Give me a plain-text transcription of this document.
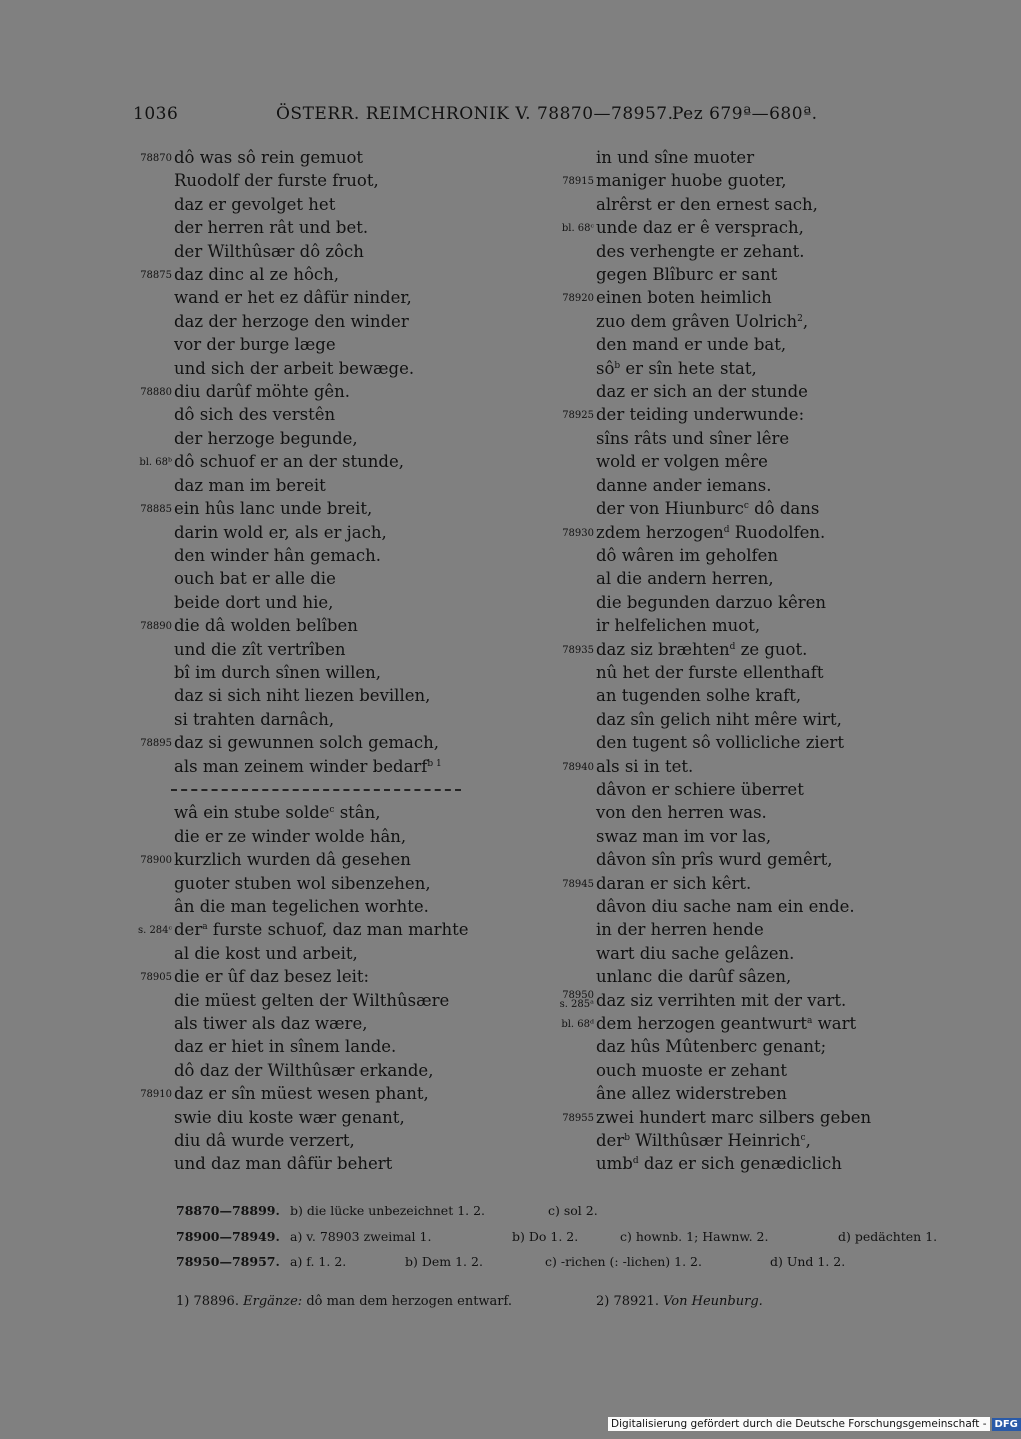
1036	ÖSTERR. REIMCHRONIK V. 78870—78957.
Pez 679ª—680ª.
78870 dô was sô rein gemuot
Ruodolf der furste fruot,
daz er gevolget het
der herren rât und bet.
der Wilthûsær dô zôch
78875 daz dinc al ze hôch,
wand er het ez dâfür ninder,
daz der herzoge den winder
vor der burge læge
und sich der arbeit bewæge.
78880 diu darûf möhte gên.
dô sich des verstên
der herzoge begunde,
bl. 68ᵇ dô schuof er an der stunde,
daz man im bereit
78885 ein hûs lanc unde breit,
darin wold er, als er jach,
den winder hân gemach.
ouch bat er alle die
beide dort und hie,
78890 die dâ wolden belîben
und die zît vertrîben
bî im durch sînen willen,
daz si sich niht liezen bevillen,
si trahten darnâch,
78895 daz si gewunnen solch gemach,
als man zeinem winder bedarf$^{b 1}$
wâ ein stube solde$^c$ stân,
die er ze winder wolde hân,
78900 kurzlich wurden dâ gesehen
guoter stuben wol sibenzehen,
ân die man tegelichen worhte.
s. 284ᶜ der$^a$ furste schuof, daz man marhte
al die kost und arbeit,
78905 die er ûf daz besez leit:
die müest gelten der Wilthûsære
als tiwer als daz wære,
daz er hiet in sînem lande.
dô daz der Wilthûsær erkande,
78910 daz er sîn müest wesen phant,
swie diu koste wær genant,
diu dâ wurde verzert,
und daz man dâfür behert
in und sîne muoter
78915 maniger huobe guoter,
alrêrst er den ernest sach,
bl. 68ᶜ unde daz er ê versprach,
des verhengte er zehant.
gegen Blîburc er sant
78920 einen boten heimlich
zuo dem grâven Uolrich$^2$,
den mand er unde bat,
$sô^b$ er sîn hete stat,
daz er sich an der stunde
78925 der teiding underwunde:
sîns râts und sîner lêre
wold er volgen mêre
danne ander iemans.
der von Hiunburc$^c$ dô dans
78930 zdem herzogen$^d$ Ruodolfen.
dô wâren im geholfen
al die andern herren,
die begunden darzuo kêren
ir helfelichen muot,
78935 daz siz bræhten$^d$ ze guot.
nû het der furste ellenthaft
an tugenden solhe kraft,
daz sîn gelich niht mêre wirt,
den tugent sô vollicliche ziert
78940 als si in tet.
dâvon er schiere überret
von den herren was.
swaz man im vor las,
dâvon sîn prîs wurd gemêrt,
78945 daran er sich kêrt.
dâvon diu sache nam ein ende.
in der herren hende
wart diu sache gelâzen.
unlanc die darûf sâzen,
78950
s. 285ᵃ daz siz verrihten mit der vart.
bl. 68ᵈ dem herzogen geantwurt$^a$ wart
daz hûs Mûtenberc genant;
ouch muoste er zehant
âne allez widerstreben
78955 zwei hundert marc silbers geben
der$^b$ Wilthûsær Heinrich$^c$,
umb$^d$ daz er sich genædiclich
78870—78899. b) die lücke unbezeichnet 1. 2.	c) sol 2.
78900—78949. a) v. 78903 zweimal 1.	b) Do 1. 2.	c) hownb. 1; Hawnw. 2.	d) pedächten 1.
78950—78957. a) f. 1. 2.	b) Dem 1. 2.	c) -richen (: -lichen) 1. 2.	d) Und 1. 2.
1) 78896. Ergänze: dô man dem herzogen entwarf.	2) 78921. Von Heunburg.
Digitalisierung gefördert durch die Deutsche Forschungsgemeinschaft - DFG
